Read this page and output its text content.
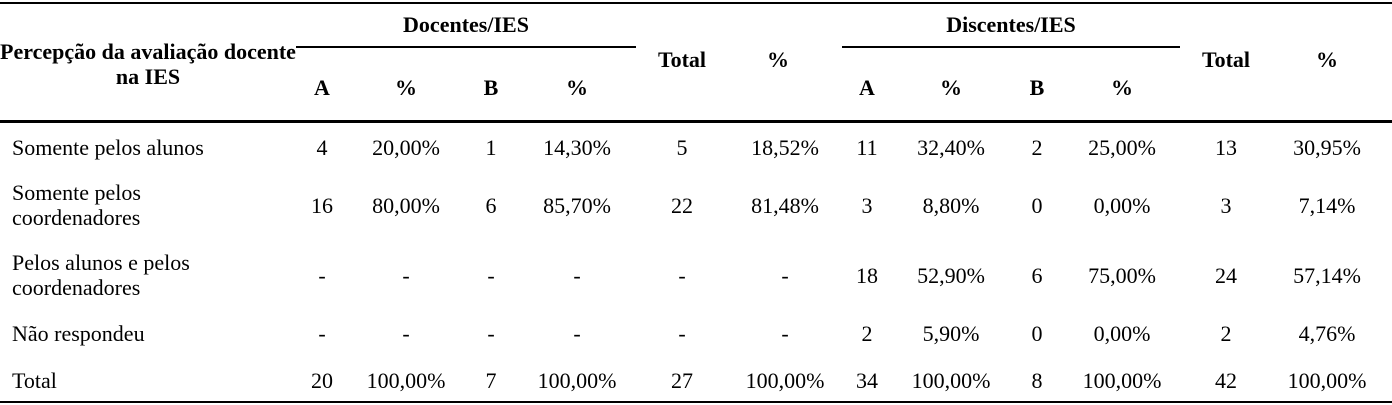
Percepção da avaliação docente na IES
Docentes/IES
Total	%
Discentes/IES
Total	%
A	%	B	%	A	%	B	%
Somente pelos alunos	4	20,00%	1	14,30%	5	18,52%	11	32,40%	2	25,00%	13	30,95%
Somente pelos coordenadores	16	80,00%	6	85,70%	22	81,48%	3	8,80%	0	0,00%	3	7,14%
Pelos alunos e pelos coordenadores	-	-	-	-	-	-	18	52,90%	6	75,00%	24	57,14%
Não respondeu	-	-	-	-	-	-	2	5,90%	0	0,00%	2	4,76%
Total	20	100,00%	7	100,00%	27	100,00%	34	100,00%	8	100,00%	42	100,00%
